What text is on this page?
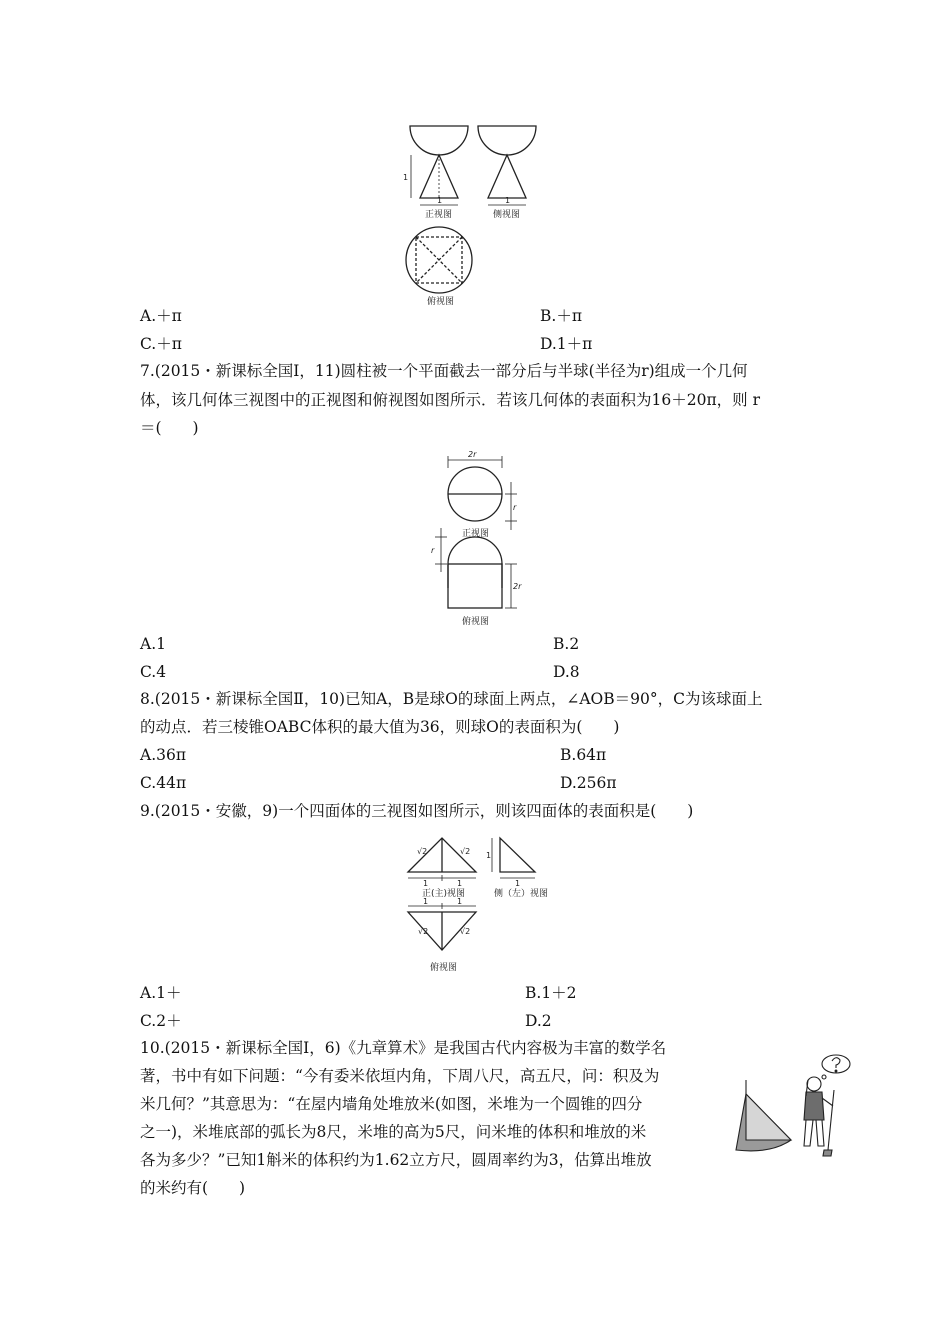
1
1	1
正视图	侧视图
俯视图
A.＋π	B.＋π
C.＋π	D.1＋π
7.(2015・新课标全国Ⅰ，11)圆柱被一个平面截去一部分后与半球(半径为r)组成一个几何
体，该几何体三视图中的正视图和俯视图如图所示．若该几何体的表面积为16＋20π，则 r
＝(　　)
2r
r
r
2r
正视图
俯视图
A.1	B.2
C.4	D.8
8.(2015・新课标全国Ⅱ，10)已知A，B是球O的球面上两点，∠AOB＝90°，C为该球面上
的动点．若三棱锥OABC体积的最大值为36，则球O的表面积为(　　)
A.36π	B.64π
C.44π	D.256π
9.(2015・安徽，9)一个四面体的三视图如图所示，则该四面体的表面积是(　　)
√2	√2
1	1
1
1
1	1
√2	√2
正(主)视图	侧（左）视图
俯视图
A.1＋	B.1＋2
C.2＋	D.2
10.(2015・新课标全国Ⅰ，6)《九章算术》是我国古代内容极为丰富的数学名
著，书中有如下问题：“今有委米依垣内角，下周八尺，高五尺，问：积及为
米几何？”其意思为：“在屋内墙角处堆放米(如图，米堆为一个圆锥的四分
之一)，米堆底部的弧长为8尺，米堆的高为5尺，问米堆的体积和堆放的米
各为多少？”已知1斛米的体积约为1.62立方尺，圆周率约为3，估算出堆放
的米约有(　　)
